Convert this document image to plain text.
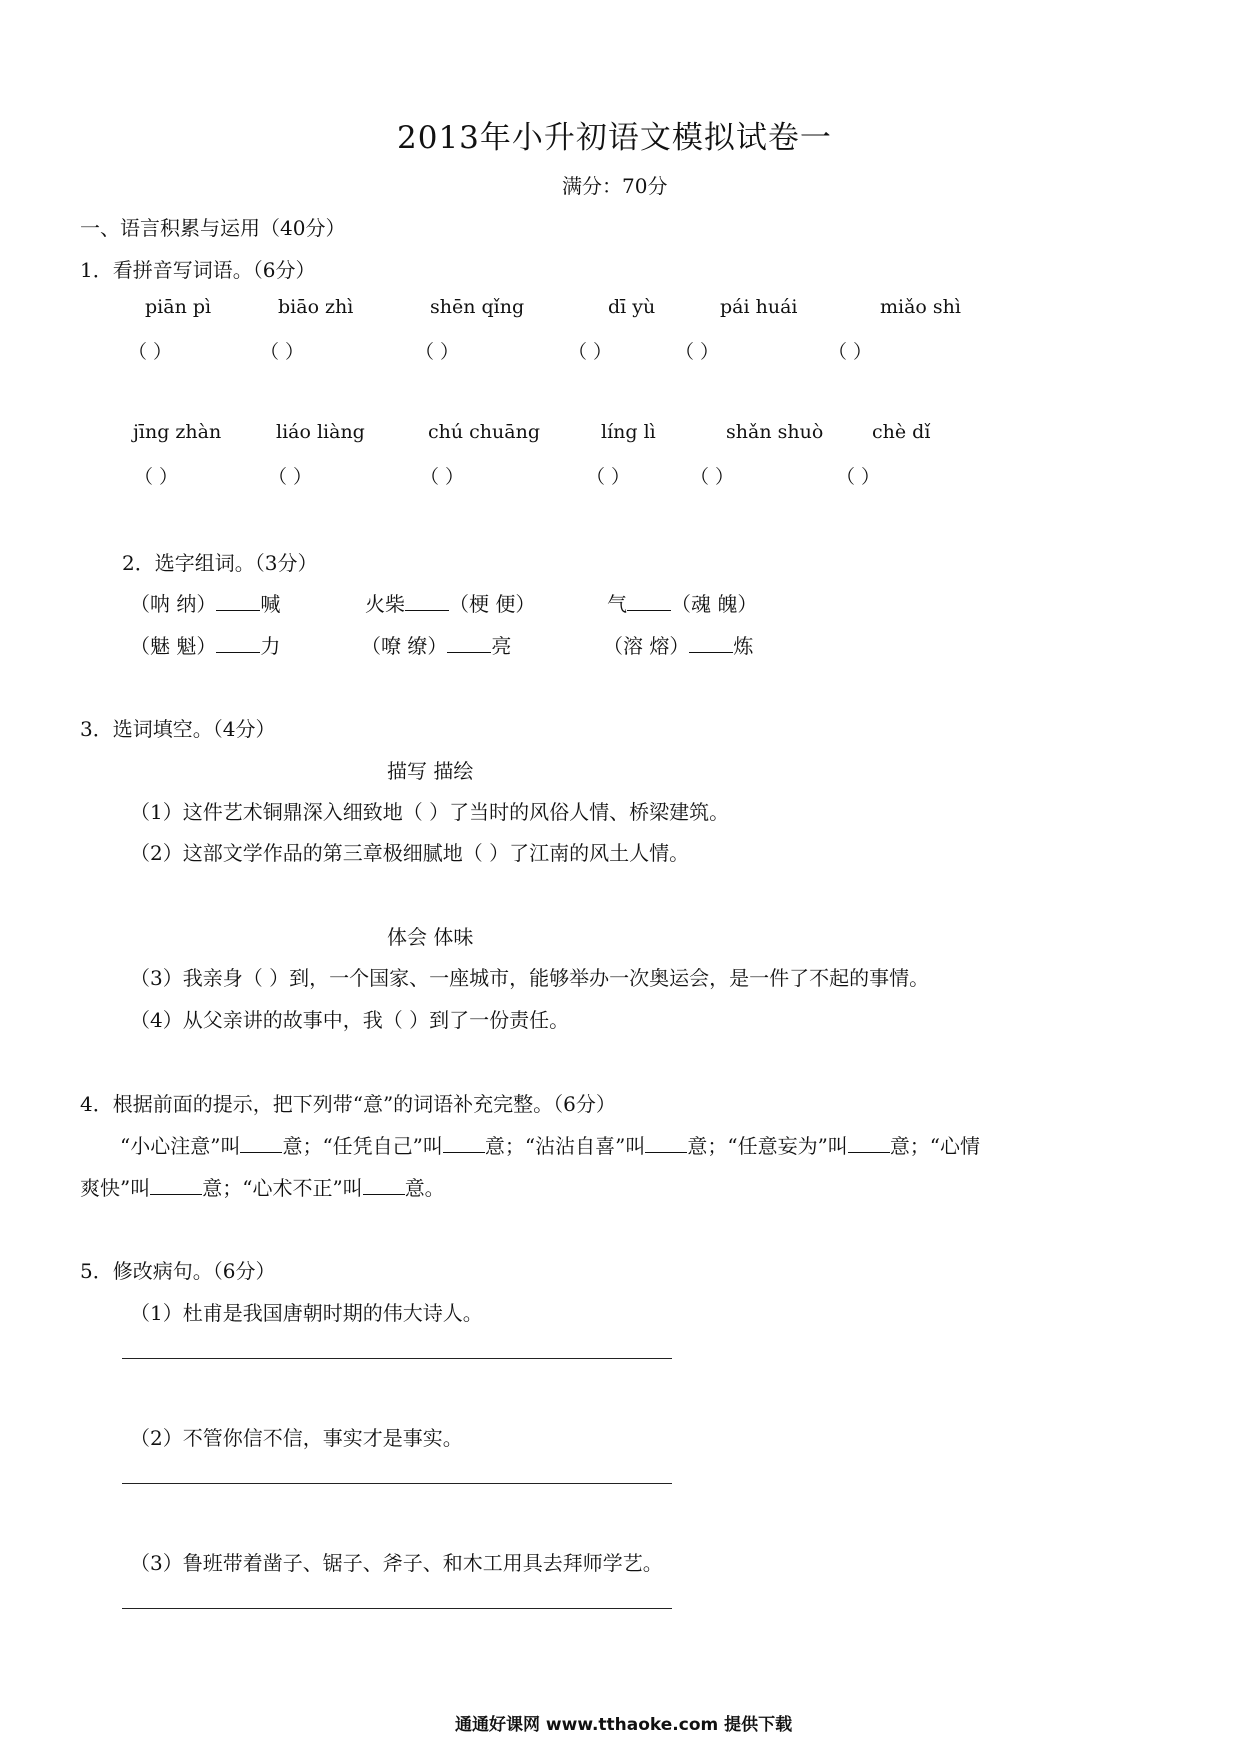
2013年小升初语文模拟试卷一
满分：70分
一、语言积累与运用（40分）
1．看拼音写词语。（6分）
piān pì	biāo zhì	shēn qǐng	dī yù	pái huái	miǎo shì
（ ）	（ ）	（ ）	（ ）	（ ）	（ ）
jīng zhàn	liáo liàng	chú chuāng	líng lì	shǎn shuò	chè dǐ
（ ）	（ ）	（ ）	（ ）	（ ）	（ ）
2．选字组词。（3分）
（呐 纳） 喊	火柴 （梗 便）	气 （魂 魄）
（魅 魁） 力	（嘹 缭） 亮	（溶 熔） 炼
3．选词填空。（4分）
描写 描绘
（1）这件艺术铜鼎深入细致地（ ）了当时的风俗人情、桥梁建筑。
（2）这部文学作品的第三章极细腻地（ ）了江南的风土人情。
体会 体味
（3）我亲身（ ）到，一个国家、一座城市，能够举办一次奥运会，是一件了不起的事情。
（4）从父亲讲的故事中，我（ ）到了一份责任。
4．根据前面的提示，把下列带“意”的词语补充完整。（6分）
“小心注意”叫 意；“任凭自己”叫 意；“沾沾自喜”叫 意；“任意妄为”叫 意；“心情
爽快”叫	意；“心术不正”叫 意。
5．修改病句。（6分）
（1）杜甫是我国唐朝时期的伟大诗人。
（2）不管你信不信，事实才是事实。
（3）鲁班带着凿子、锯子、斧子、和木工用具去拜师学艺。
通通好课网 www.tthaoke.com 提供下载
